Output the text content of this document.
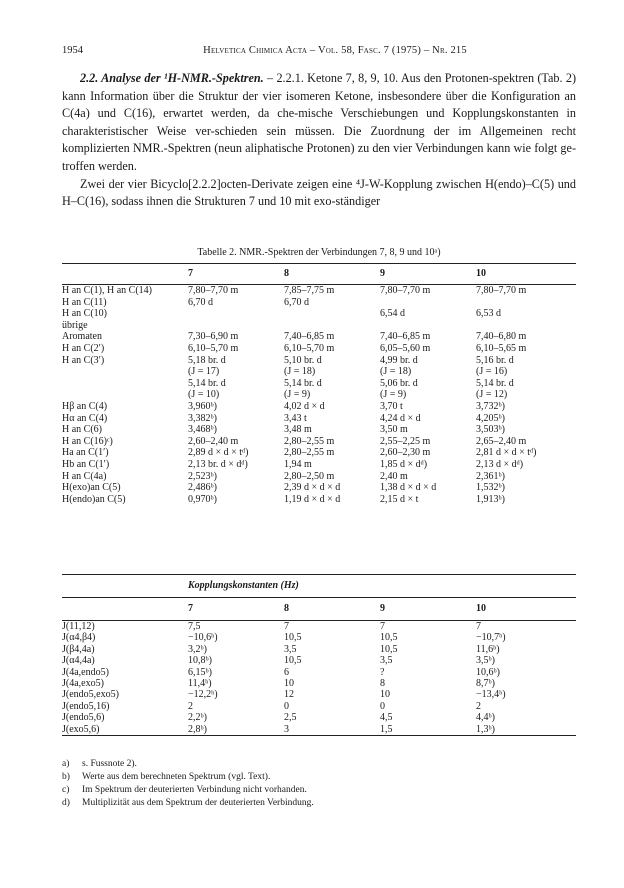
1954	Helvetica Chimica Acta – Vol. 58, Fasc. 7 (1975) – Nr. 215

2.2. Analyse der ¹H-NMR.-Spektren. – 2.2.1. Ketone 7, 8, 9, 10. Aus den Protonen-spektren (Tab. 2) kann Information über die Struktur der vier isomeren Ketone, insbesondere über die Konfiguration an C(4a) und C(16), erwartet werden, da che-mische Verschiebungen und Kopplungskonstanten in charakteristischer Weise ver-schieden sein müssen. Die Zuordnung der im Allgemeinen recht komplizierten NMR.-Spektren (neun aliphatische Protonen) zu den vier Verbindungen kann wie folgt ge-troffen werden.

Zwei der vier Bicyclo[2.2.2]octen-Derivate zeigen eine ⁴J-W-Kopplung zwischen H(endo)–C(5) und H–C(16), sodass ihnen die Strukturen 7 und 10 mit exo-ständiger

Tabelle 2. NMR.-Spektren der Verbindungen 7, 8, 9 und 10ᵃ)
	7	8	9	10
H an C(1), H an C(14)	7,80–7,70 m	7,85–7,75 m	7,80–7,70 m	7,80–7,70 m
H an C(11)	6,70 d	6,70 d		
H an C(10)			6,54 d	6,53 d
übrige				
Aromaten	7,30–6,90 m	7,40–6,85 m	7,40–6,85 m	7,40–6,80 m
H an C(2′)	6,10–5,70 m	6,10–5,70 m	6,05–5,60 m	6,10–5,65 m
H an C(3′)	5,18 br. d	5,10 br. d	4,99 br. d	5,16 br. d
	(J = 17)	(J = 18)	(J = 18)	(J = 16)
	5,14 br. d	5,14 br. d	5,06 br. d	5,14 br. d
	(J = 10)	(J = 9)	(J = 9)	(J = 12)
Hβ an C(4)	3,960ᵇ)	4,02 d × d	3,70 t	3,732ᵇ)
Hα an C(4)	3,382ᵇ)	3,43 t	4,24 d × d	4,205ᵇ)
H an C(6)	3,468ᵇ)	3,48 m	3,50 m	3,503ᵇ)
H an C(16)ᶜ)	2,60–2,40 m	2,80–2,55 m	2,55–2,25 m	2,65–2,40 m
Ha an C(1′)	2,89 d × d × tᵈ)	2,80–2,55 m	2,60–2,30 m	2,81 d × d × tᵈ)
Hb an C(1′)	2,13 br. d × dᵈ)	1,94 m	1,85 d × dᵈ)	2,13 d × dᵈ)
H an C(4a)	2,523ᵇ)	2,80–2,50 m	2,40 m	2,361ᵇ)
H(exo)an C(5)	2,486ᵇ)	2,39 d × d × d	1,38 d × d × d	1,532ᵇ)
H(endo)an C(5)	0,970ᵇ)	1,19 d × d × d	2,15 d × t	1,913ᵇ)
	Kopplungskonstanten (Hz)			
	7	8	9	10
J(11,12)	7,5	7	7	7
J(α4,β4)	−10,6ᵇ)	10,5	10,5	−10,7ᵇ)
J(β4,4a)	3,2ᵇ)	3,5	10,5	11,6ᵇ)
J(α4,4a)	10,8ᵇ)	10,5	3,5	3,5ᵇ)
J(4a,endo5)	6,15ᵇ)	6	?	10,6ᵇ)
J(4a,exo5)	11,4ᵇ)	10	8	8,7ᵇ)
J(endo5,exo5)	−12,2ᵇ)	12	10	−13,4ᵇ)
J(endo5,16)	2	0	0	2
J(endo5,6)	2,2ᵇ)	2,5	4,5	4,4ᵇ)
J(exo5,6)	2,8ᵇ)	3	1,5	1,3ᵇ)

a) s. Fussnote 2).
b) Werte aus dem berechneten Spektrum (vgl. Text).
c) Im Spektrum der deuterierten Verbindung nicht vorhanden.
d) Multiplizität aus dem Spektrum der deuterierten Verbindung.
